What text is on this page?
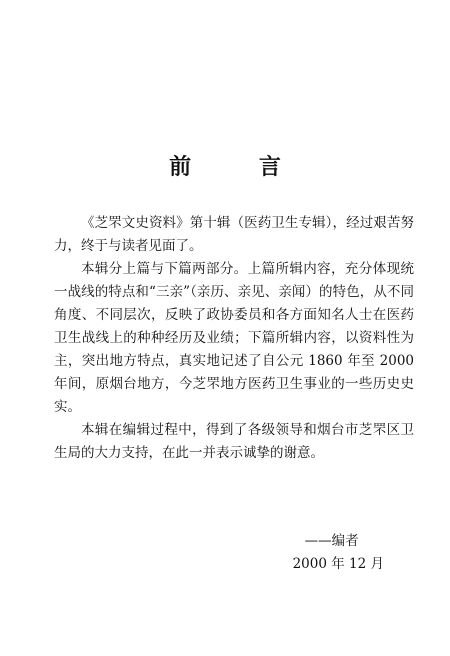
前 言

《芝罘文史资料》第十辑（医药卫生专辑），经过艰苦努力，终于与读者见面了。

本辑分上篇与下篇两部分。上篇所辑内容，充分体现统一战线的特点和“三亲”（亲历、亲见、亲闻）的特色，从不同角度、不同层次，反映了政协委员和各方面知名人士在医药卫生战线上的种种经历及业绩；下篇所辑内容，以资料性为主，突出地方特点，真实地记述了自公元 1860 年至 2000 年间，原烟台地方，今芝罘地方医药卫生事业的一些历史史实。

本辑在编辑过程中，得到了各级领导和烟台市芝罘区卫生局的大力支持，在此一并表示诚挚的谢意。

——编者
2000 年 12 月
